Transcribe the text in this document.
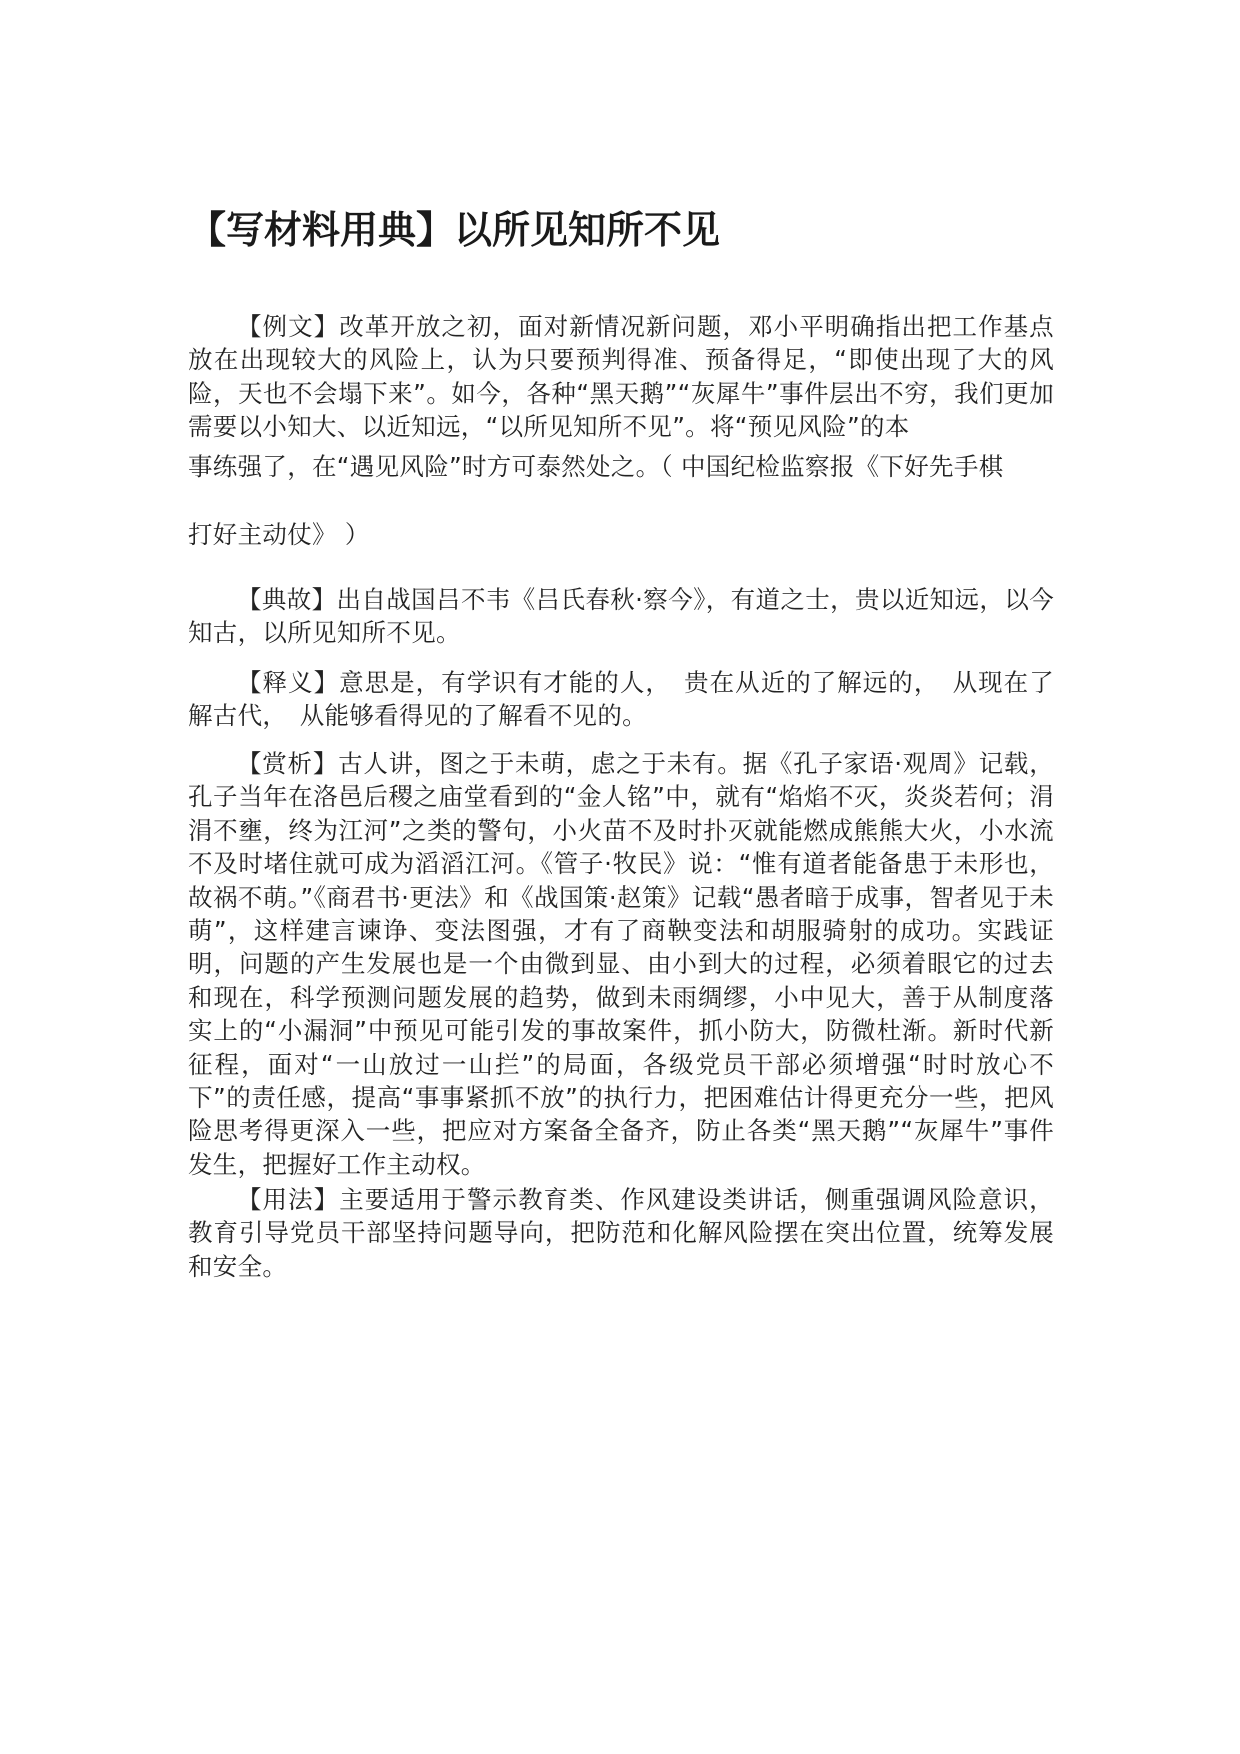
【写材料用典】以所见知所不见

【例文】改革开放之初，面对新情况新问题，邓小平明确指出把工作基点放在出现较大的风险上，认为只要预判得准、预备得足，“即使出现了大的风险，天也不会塌下来”。如今，各种“黑天鹅”“灰犀牛”事件层出不穷，我们更加需要以小知大、以近知远，“以所见知所不见”。将“预见风险”的本

事练强了，在“遇见风险”时方可泰然处之。（ 中国纪检监察报《下好先手棋

打好主动仗》 ）

【典故】出自战国吕不韦《吕氏春秋·察今》，有道之士，贵以近知远，以今知古，以所见知所不见。

【释义】意思是，有学识有才能的人，　贵在从近的了解远的，　从现在了解古代，　从能够看得见的了解看不见的。

【赏析】古人讲，图之于未萌，虑之于未有。据《孔子家语·观周》记载，孔子当年在洛邑后稷之庙堂看到的“金人铭”中，就有“焰焰不灭，炎炎若何；涓涓不壅，终为江河”之类的警句，小火苗不及时扑灭就能燃成熊熊大火，小水流不及时堵住就可成为滔滔江河。《管子·牧民》说：“惟有道者能备患于未形也，故祸不萌。”《商君书·更法》和《战国策·赵策》记载“愚者暗于成事，智者见于未萌”，这样建言谏诤、变法图强，才有了商鞅变法和胡服骑射的成功。实践证明，问题的产生发展也是一个由微到显、由小到大的过程，必须着眼它的过去和现在，科学预测问题发展的趋势，做到未雨绸缪，小中见大，善于从制度落实上的“小漏洞”中预见可能引发的事故案件，抓小防大，防微杜渐。新时代新征程，面对“一山放过一山拦”的局面，各级党员干部必须增强“时时放心不下”的责任感，提高“事事紧抓不放”的执行力，把困难估计得更充分一些，把风险思考得更深入一些，把应对方案备全备齐，防止各类“黑天鹅”“灰犀牛”事件发生，把握好工作主动权。

【用法】主要适用于警示教育类、作风建设类讲话，侧重强调风险意识，教育引导党员干部坚持问题导向，把防范和化解风险摆在突出位置，统筹发展和安全。
